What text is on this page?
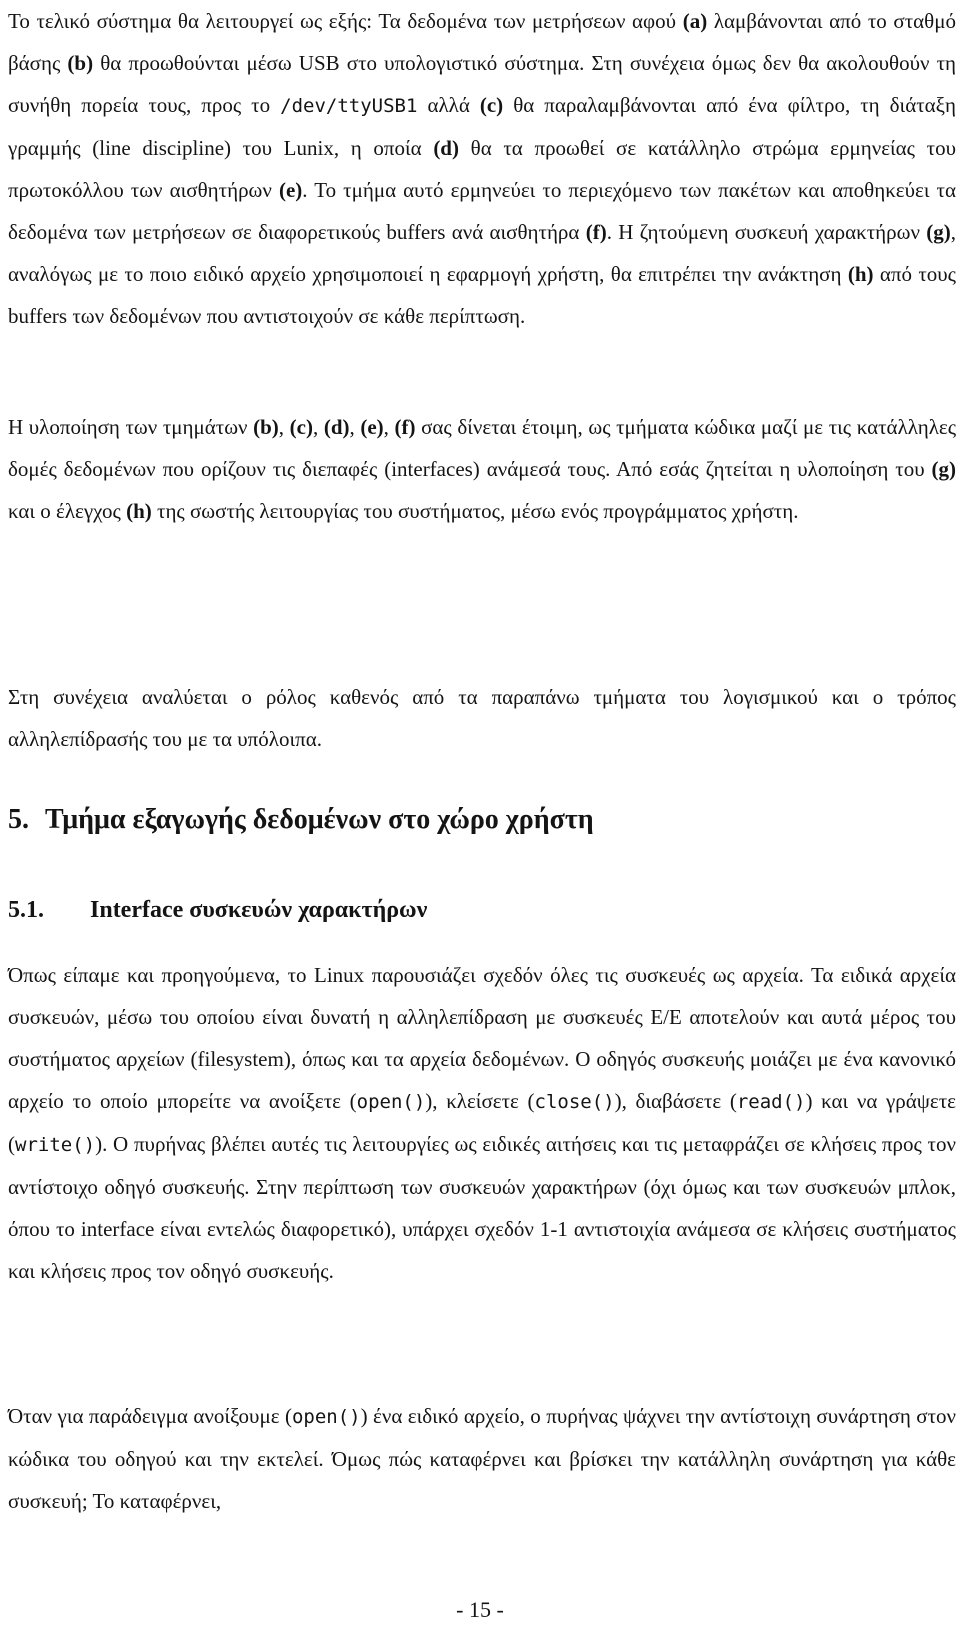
Το τελικό σύστημα θα λειτουργεί ως εξής: Τα δεδομένα των μετρήσεων αφού (a) λαμβάνονται από το σταθμό βάσης (b) θα προωθούνται μέσω USB στο υπολογιστικό σύστημα. Στη συνέχεια όμως δεν θα ακολουθούν τη συνήθη πορεία τους, προς το /dev/ttyUSB1 αλλά (c) θα παραλαμβάνονται από ένα φίλτρο, τη διάταξη γραμμής (line discipline) του Lunix, η οποία (d) θα τα προωθεί σε κατάλληλο στρώμα ερμηνείας του πρωτοκόλλου των αισθητήρων (e). Το τμήμα αυτό ερμηνεύει το περιεχόμενο των πακέτων και αποθηκεύει τα δεδομένα των μετρήσεων σε διαφορετικούς buffers ανά αισθητήρα (f). Η ζητούμενη συσκευή χαρακτήρων (g), αναλόγως με το ποιο ειδικό αρχείο χρησιμοποιεί η εφαρμογή χρήστη, θα επιτρέπει την ανάκτηση (h) από τους buffers των δεδομένων που αντιστοιχούν σε κάθε περίπτωση.

Η υλοποίηση των τμημάτων (b), (c), (d), (e), (f) σας δίνεται έτοιμη, ως τμήματα κώδικα μαζί με τις κατάλληλες δομές δεδομένων που ορίζουν τις διεπαφές (interfaces) ανάμεσά τους. Από εσάς ζητείται η υλοποίηση του (g) και ο έλεγχος (h) της σωστής λειτουργίας του συστήματος, μέσω ενός προγράμματος χρήστη.

Στη συνέχεια αναλύεται ο ρόλος καθενός από τα παραπάνω τμήματα του λογισμικού και ο τρόπος αλληλεπίδρασής του με τα υπόλοιπα.

5. Τμήμα εξαγωγής δεδομένων στο χώρο χρήστη
5.1. Interface συσκευών χαρακτήρων

Όπως είπαμε και προηγούμενα, το Linux παρουσιάζει σχεδόν όλες τις συσκευές ως αρχεία. Τα ειδικά αρχεία συσκευών, μέσω του οποίου είναι δυνατή η αλληλεπίδραση με συσκευές Ε/Ε αποτελούν και αυτά μέρος του συστήματος αρχείων (filesystem), όπως και τα αρχεία δεδομένων. Ο οδηγός συσκευής μοιάζει με ένα κανονικό αρχείο το οποίο μπορείτε να ανοίξετε (open()), κλείσετε (close()), διαβάσετε (read()) και να γράψετε (write()). Ο πυρήνας βλέπει αυτές τις λειτουργίες ως ειδικές αιτήσεις και τις μεταφράζει σε κλήσεις προς τον αντίστοιχο οδηγό συσκευής. Στην περίπτωση των συσκευών χαρακτήρων (όχι όμως και των συσκευών μπλοκ, όπου το interface είναι εντελώς διαφορετικό), υπάρχει σχεδόν 1-1 αντιστοιχία ανάμεσα σε κλήσεις συστήματος και κλήσεις προς τον οδηγό συσκευής.

Όταν για παράδειγμα ανοίξουμε (open()) ένα ειδικό αρχείο, ο πυρήνας ψάχνει την αντίστοιχη συνάρτηση στον κώδικα του οδηγού και την εκτελεί. Όμως πώς καταφέρνει και βρίσκει την κατάλληλη συνάρτηση για κάθε συσκευή; Το καταφέρνει,

- 15 -
